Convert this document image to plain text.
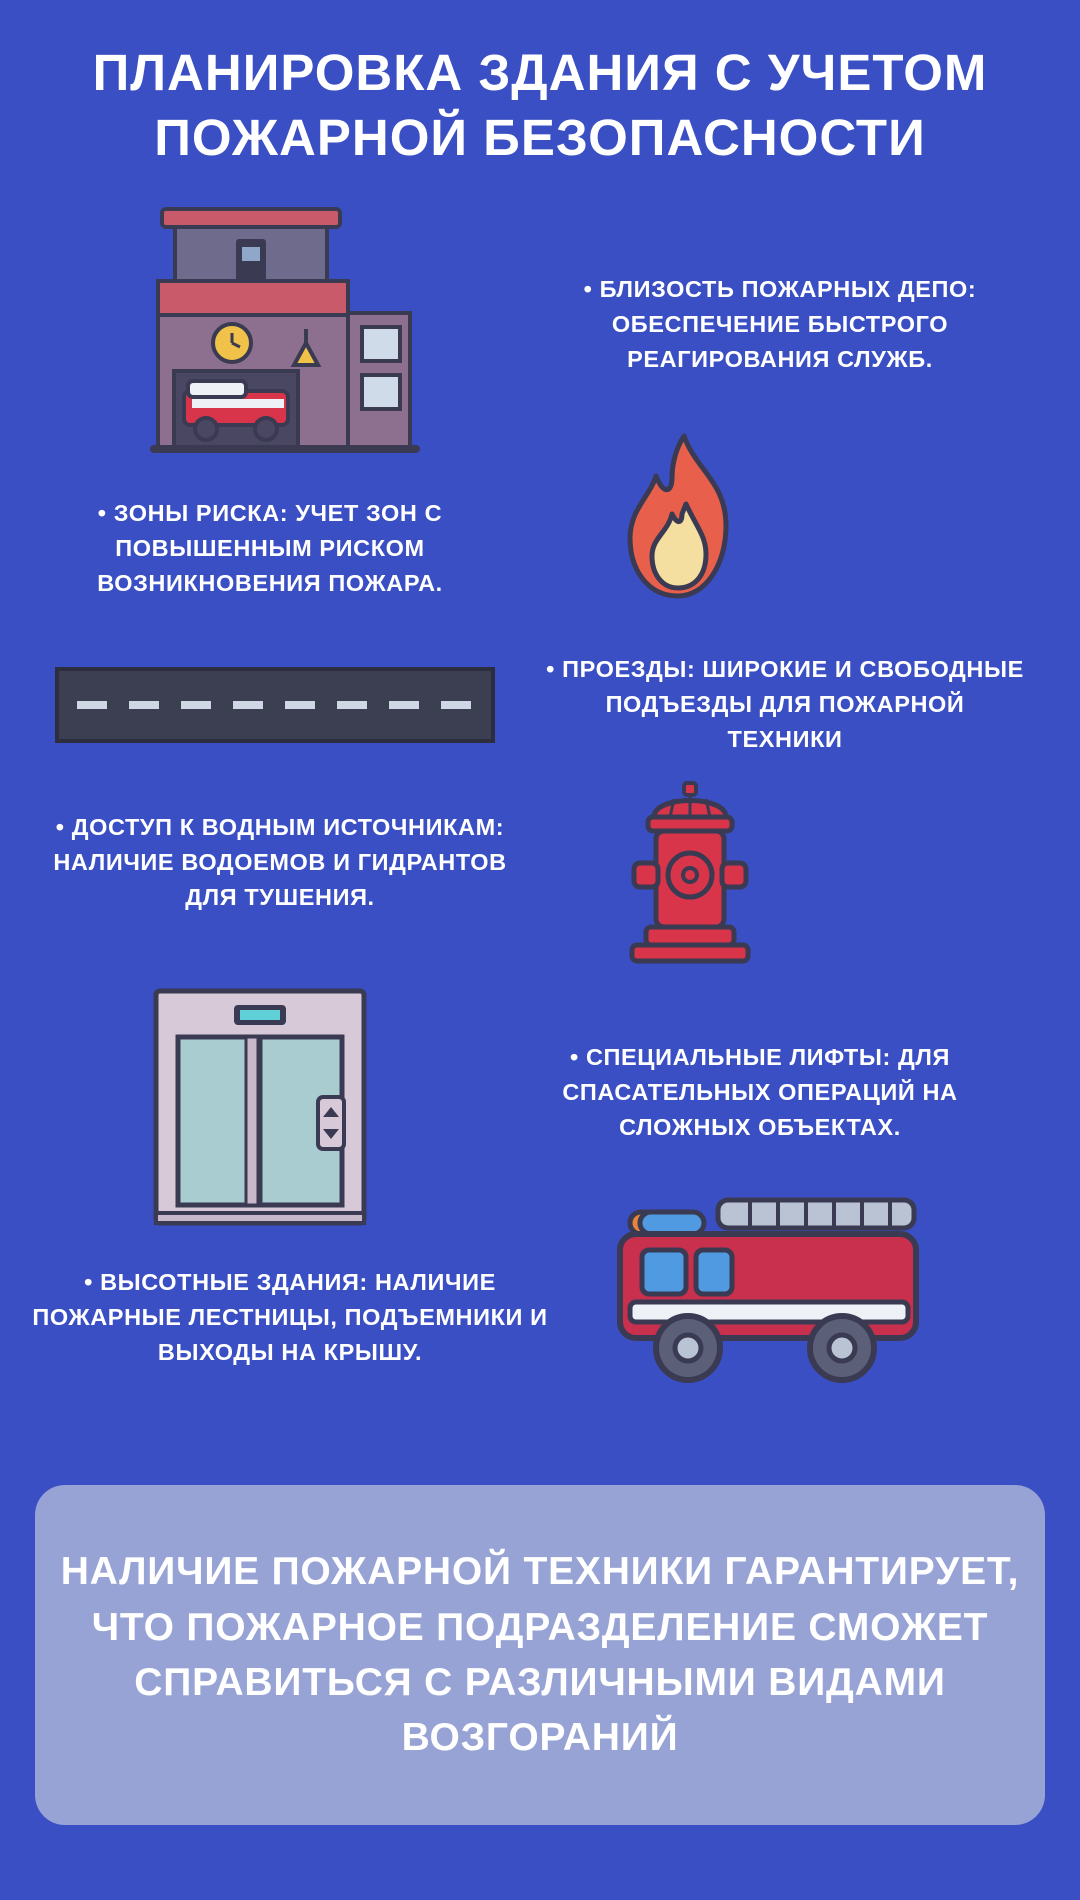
ПЛАНИРОВКА ЗДАНИЯ С УЧЕТОМ ПОЖАРНОЙ БЕЗОПАСНОСТИ
• БЛИЗОСТЬ ПОЖАРНЫХ ДЕПО: ОБЕСПЕЧЕНИЕ БЫСТРОГО РЕАГИРОВАНИЯ СЛУЖБ.
• ЗОНЫ РИСКА: УЧЕТ ЗОН С ПОВЫШЕННЫМ РИСКОМ ВОЗНИКНОВЕНИЯ ПОЖАРА.
• ПРОЕЗДЫ: ШИРОКИЕ И СВОБОДНЫЕ ПОДЪЕЗДЫ ДЛЯ ПОЖАРНОЙ ТЕХНИКИ
• ДОСТУП К ВОДНЫМ ИСТОЧНИКАМ: НАЛИЧИЕ ВОДОЕМОВ И ГИДРАНТОВ ДЛЯ ТУШЕНИЯ.
• СПЕЦИАЛЬНЫЕ ЛИФТЫ: ДЛЯ СПАСАТЕЛЬНЫХ ОПЕРАЦИЙ НА СЛОЖНЫХ ОБЪЕКТАХ.
• ВЫСОТНЫЕ ЗДАНИЯ: НАЛИЧИЕ ПОЖАРНЫЕ ЛЕСТНИЦЫ, ПОДЪЕМНИКИ И ВЫХОДЫ НА КРЫШУ.
НАЛИЧИЕ ПОЖАРНОЙ ТЕХНИКИ ГАРАНТИРУЕТ, ЧТО ПОЖАРНОЕ ПОДРАЗДЕЛЕНИЕ СМОЖЕТ СПРАВИТЬСЯ С РАЗЛИЧНЫМИ ВИДАМИ ВОЗГОРАНИЙ
